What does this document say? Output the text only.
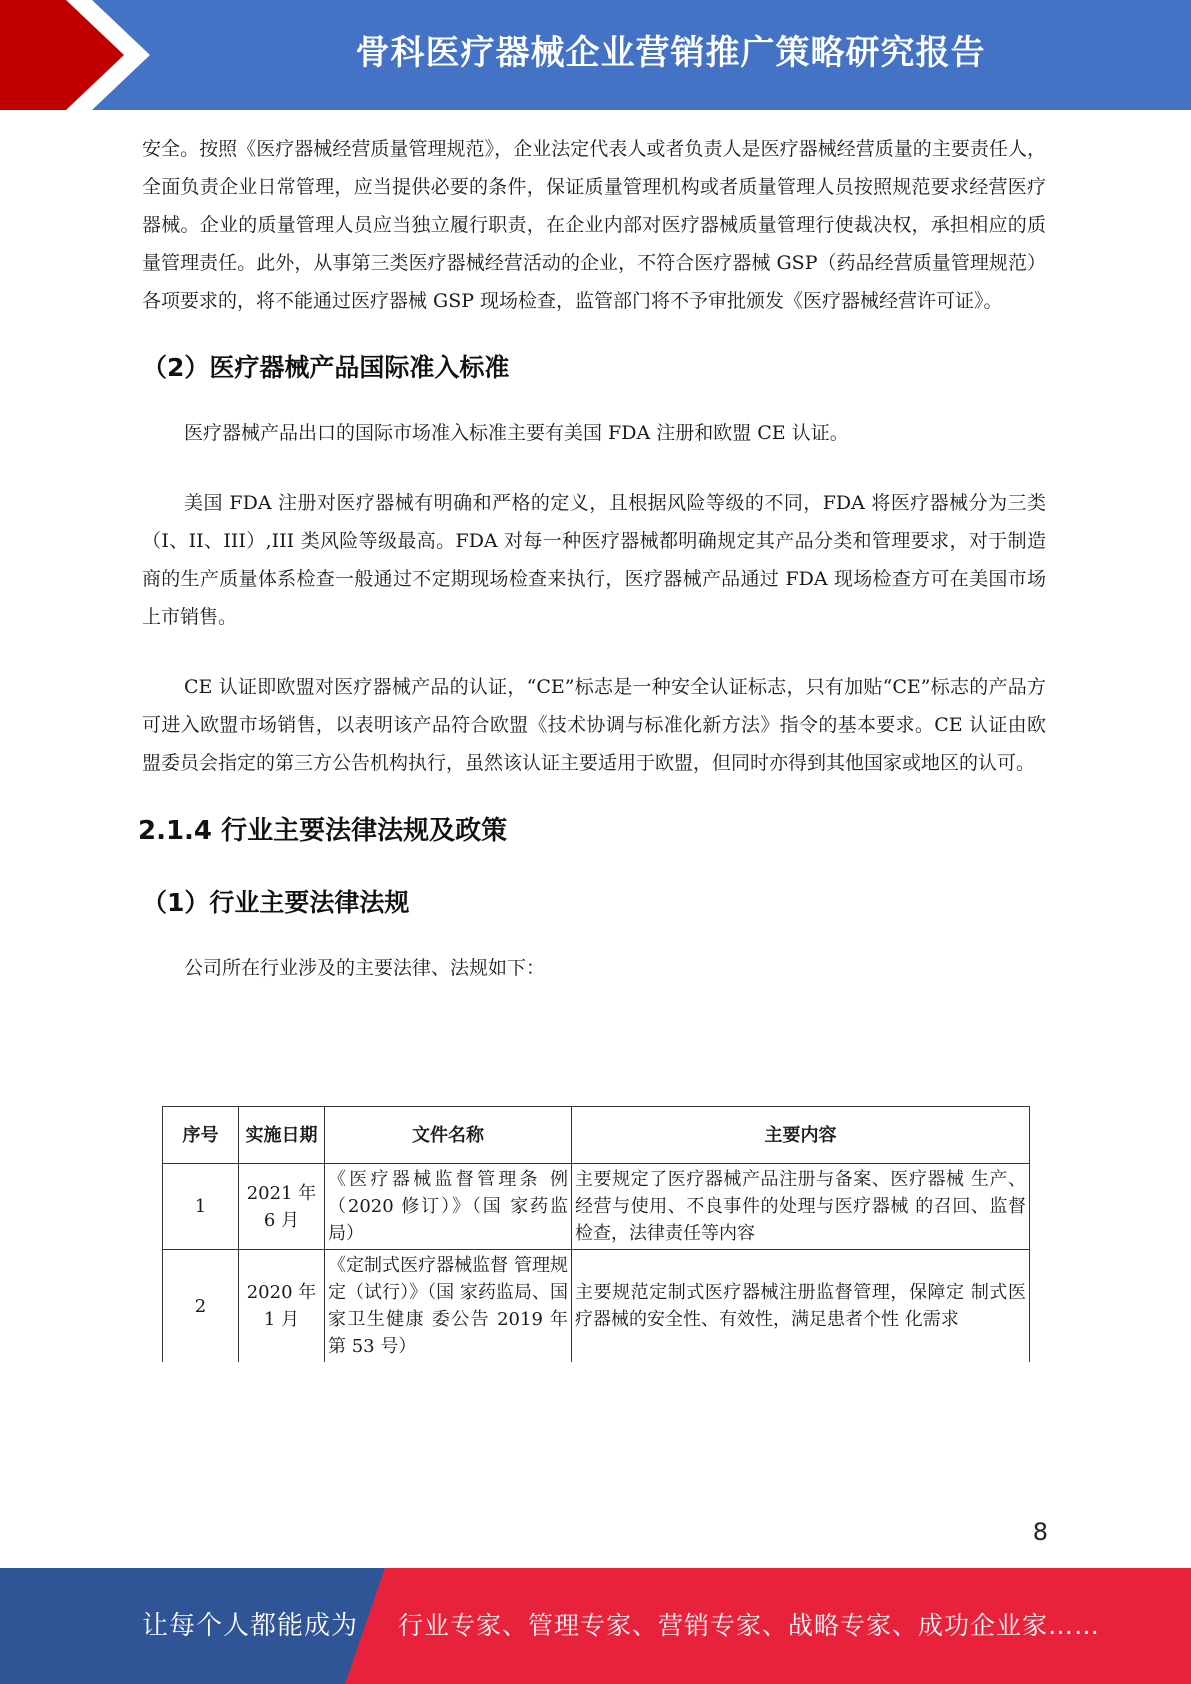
骨科医疗器械企业营销推广策略研究报告

安全。按照《医疗器械经营质量管理规范》，企业法定代表人或者负责人是医疗器械经营质量的主要责任人，全面负责企业日常管理，应当提供必要的条件，保证质量管理机构或者质量管理人员按照规范要求经营医疗器械。企业的质量管理人员应当独立履行职责，在企业内部对医疗器械质量管理行使裁决权，承担相应的质量管理责任。此外，从事第三类医疗器械经营活动的企业，不符合医疗器械 GSP（药品经营质量管理规范）各项要求的，将不能通过医疗器械 GSP 现场检查，监管部门将不予审批颁发《医疗器械经营许可证》。

（2）医疗器械产品国际准入标准

医疗器械产品出口的国际市场准入标准主要有美国 FDA 注册和欧盟 CE 认证。

美国 FDA 注册对医疗器械有明确和严格的定义，且根据风险等级的不同，FDA 将医疗器械分为三类（I、II、III）,III 类风险等级最高。FDA 对每一种医疗器械都明确规定其产品分类和管理要求，对于制造商的生产质量体系检查一般通过不定期现场检查来执行，医疗器械产品通过 FDA 现场检查方可在美国市场上市销售。

CE 认证即欧盟对医疗器械产品的认证，“CE”标志是一种安全认证标志，只有加贴“CE”标志的产品方可进入欧盟市场销售，以表明该产品符合欧盟《技术协调与标准化新方法》指令的基本要求。CE 认证由欧盟委员会指定的第三方公告机构执行，虽然该认证主要适用于欧盟，但同时亦得到其他国家或地区的认可。

2.1.4 行业主要法律法规及政策
（1）行业主要法律法规

公司所在行业涉及的主要法律、法规如下：

序号	实施日期	文件名称	主要内容
1	2021 年 6 月	《医疗器械监督管理条 例（2020 修订）》（国 家药监局）	主要规定了医疗器械产品注册与备案、医疗器械 生产、经营与使用、不良事件的处理与医疗器械 的召回、监督检查，法律责任等内容
2	2020 年 1 月	《定制式医疗器械监督 管理规定（试行）》（国 家药监局、国家卫生健康 委公告 2019 年第 53 号）	主要规范定制式医疗器械注册监督管理，保障定 制式医疗器械的安全性、有效性，满足患者个性 化需求
8
让每个人都能成为 行业专家、管理专家、营销专家、战略专家、成功企业家……
